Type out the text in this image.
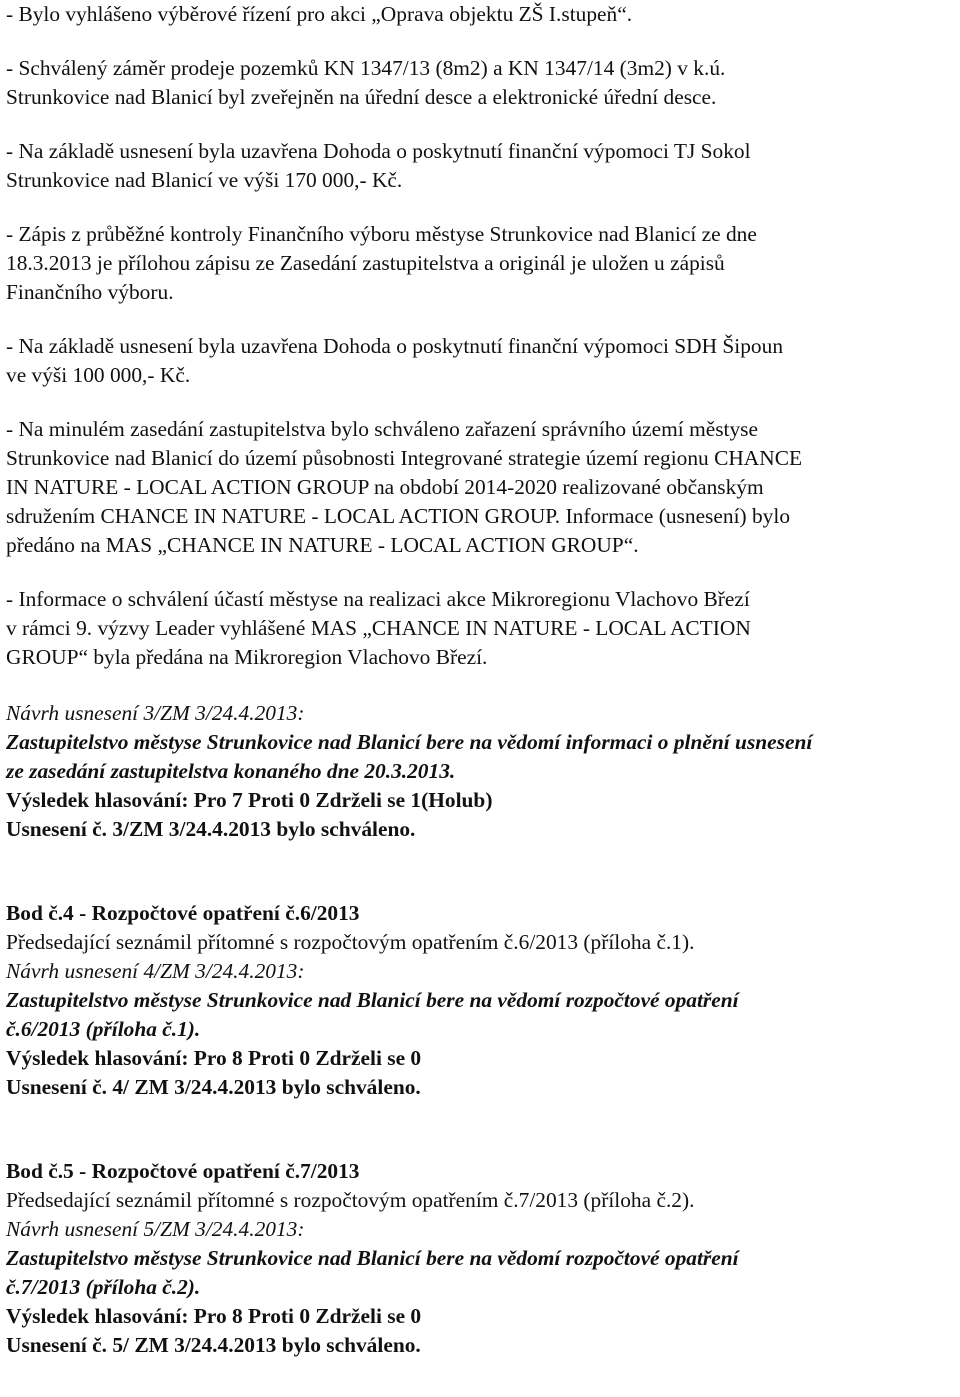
- Bylo vyhlášeno výběrové řízení pro akci „Oprava objektu ZŠ I.stupeň“.
- Schválený záměr prodeje pozemků KN 1347/13 (8m2) a KN 1347/14 (3m2) v k.ú.
Strunkovice nad Blanicí byl zveřejněn na úřední desce a elektronické úřední desce.
- Na základě usnesení byla uzavřena Dohoda o poskytnutí finanční výpomoci TJ Sokol
Strunkovice nad Blanicí ve výši 170 000,- Kč.
- Zápis z průběžné kontroly Finančního výboru městyse Strunkovice nad Blanicí ze dne
18.3.2013 je přílohou zápisu ze Zasedání zastupitelstva a originál je uložen u zápisů
Finančního výboru.
- Na základě usnesení byla uzavřena Dohoda o poskytnutí finanční výpomoci SDH Šipoun
ve výši 100 000,- Kč.
- Na minulém zasedání zastupitelstva bylo schváleno zařazení správního území městyse
Strunkovice nad Blanicí do území působnosti Integrované strategie území regionu CHANCE
IN NATURE - LOCAL ACTION GROUP na období 2014-2020 realizované občanským
sdružením CHANCE IN NATURE - LOCAL ACTION GROUP. Informace (usnesení) bylo
předáno na MAS „CHANCE IN NATURE - LOCAL ACTION GROUP“.
- Informace o schválení účastí městyse na realizaci akce Mikroregionu Vlachovo Březí
v rámci 9. výzvy Leader vyhlášené MAS „CHANCE IN NATURE - LOCAL ACTION
GROUP“ byla předána na Mikroregion Vlachovo Březí.
Návrh usnesení 3/ZM 3/24.4.2013:
Zastupitelstvo městyse Strunkovice nad Blanicí bere na vědomí informaci o plnění usnesení
ze zasedání zastupitelstva konaného dne 20.3.2013.
Výsledek hlasování: Pro 7 Proti 0 Zdrželi se 1(Holub)
Usnesení č. 3/ZM 3/24.4.2013 bylo schváleno.
Bod č.4 - Rozpočtové opatření č.6/2013
Předsedající seznámil přítomné s rozpočtovým opatřením č.6/2013 (příloha č.1).
Návrh usnesení 4/ZM 3/24.4.2013:
Zastupitelstvo městyse Strunkovice nad Blanicí bere na vědomí rozpočtové opatření
č.6/2013 (příloha č.1).
Výsledek hlasování: Pro 8 Proti 0 Zdrželi se 0
Usnesení č. 4/ ZM 3/24.4.2013 bylo schváleno.
Bod č.5 - Rozpočtové opatření č.7/2013
Předsedající seznámil přítomné s rozpočtovým opatřením č.7/2013 (příloha č.2).
Návrh usnesení 5/ZM 3/24.4.2013:
Zastupitelstvo městyse Strunkovice nad Blanicí bere na vědomí rozpočtové opatření
č.7/2013 (příloha č.2).
Výsledek hlasování: Pro 8 Proti 0 Zdrželi se 0
Usnesení č. 5/ ZM 3/24.4.2013 bylo schváleno.
